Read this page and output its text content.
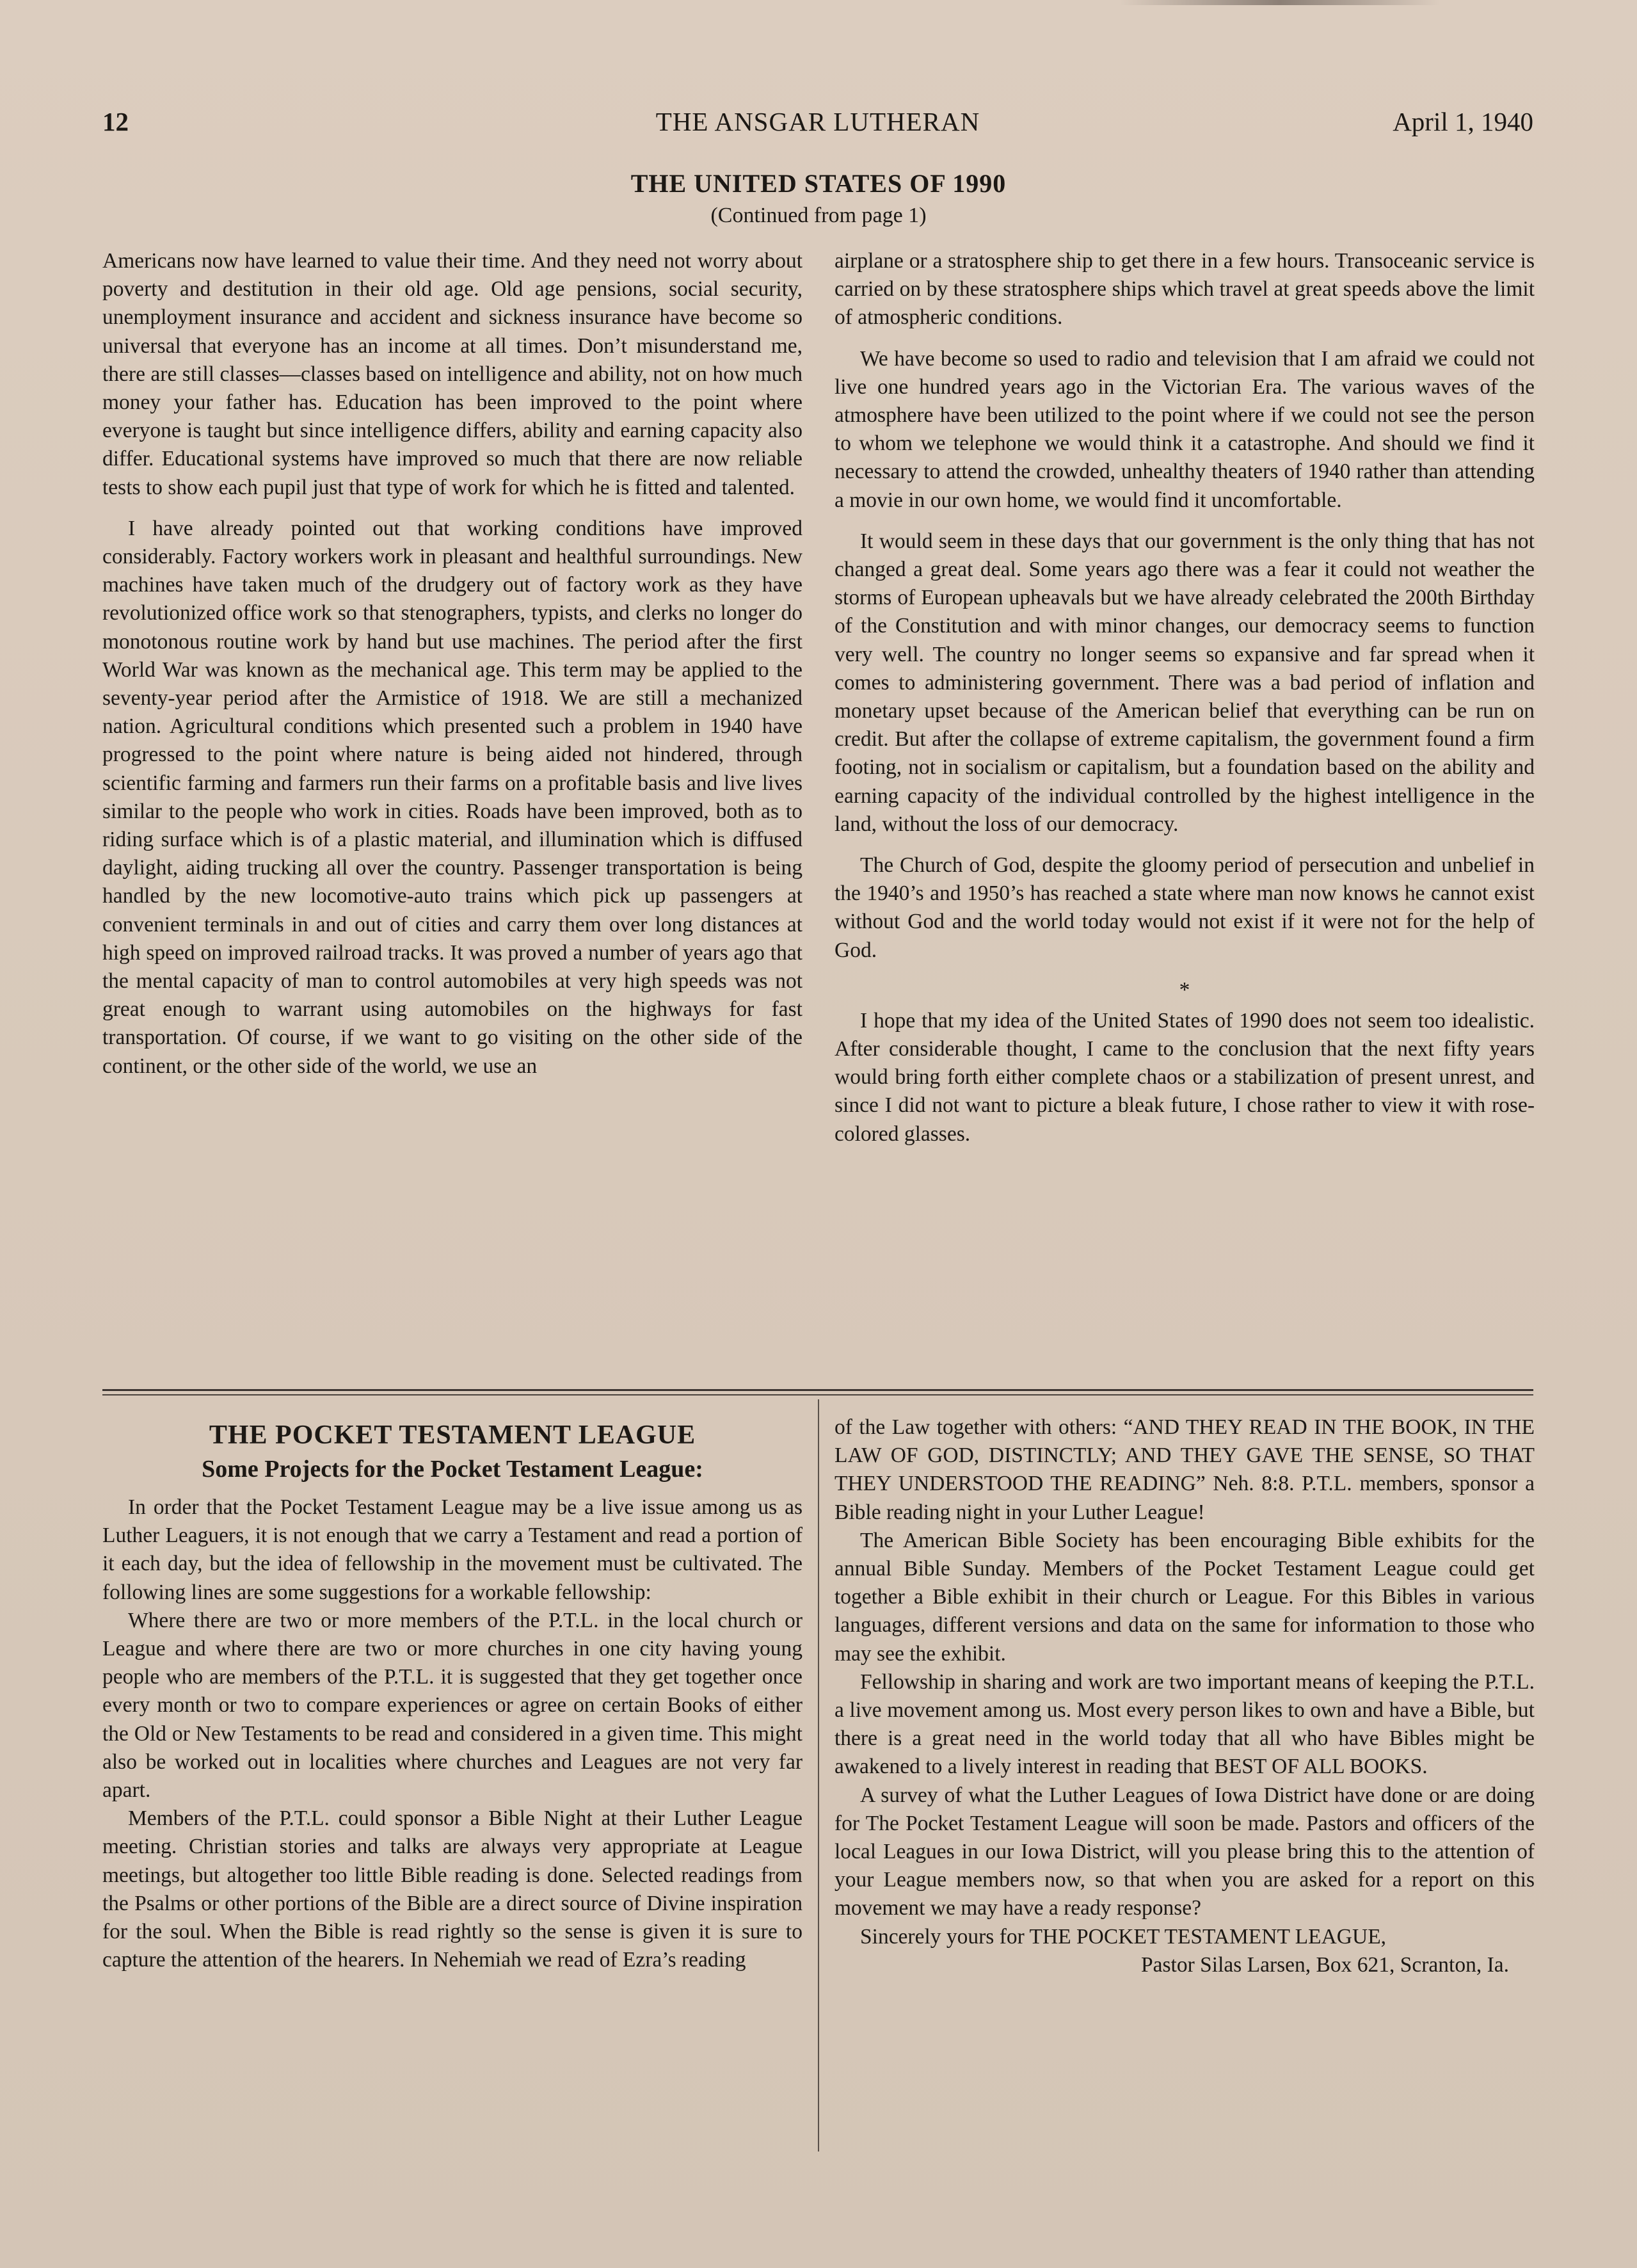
12	THE ANSGAR LUTHERAN	April 1, 1940
THE UNITED STATES OF 1990
(Continued from page 1)

Americans now have learned to value their time. And they need not worry about poverty and destitution in their old age. Old age pensions, social security, unemployment insurance and accident and sickness insurance have become so universal that everyone has an income at all times. Don’t misunderstand me, there are still classes—classes based on intelligence and ability, not on how much money your father has. Education has been improved to the point where everyone is taught but since intelligence differs, ability and earning capacity also differ. Educational systems have improved so much that there are now reliable tests to show each pupil just that type of work for which he is fitted and talented.

I have already pointed out that working conditions have improved considerably. Factory workers work in pleasant and healthful surroundings. New machines have taken much of the drudgery out of factory work as they have revolutionized office work so that stenographers, typists, and clerks no longer do monotonous routine work by hand but use machines. The period after the first World War was known as the mechanical age. This term may be applied to the seventy-year period after the Armistice of 1918. We are still a mechanized nation. Agricultural conditions which presented such a problem in 1940 have progressed to the point where nature is being aided not hindered, through scientific farming and farmers run their farms on a profitable basis and live lives similar to the people who work in cities. Roads have been improved, both as to riding surface which is of a plastic material, and illumination which is diffused daylight, aiding trucking all over the country. Passenger transportation is being handled by the new locomotive-auto trains which pick up passengers at convenient terminals in and out of cities and carry them over long distances at high speed on improved railroad tracks. It was proved a number of years ago that the mental capacity of man to control automobiles at very high speeds was not great enough to warrant using automobiles on the highways for fast transportation. Of course, if we want to go visiting on the other side of the continent, or the other side of the world, we use an

airplane or a stratosphere ship to get there in a few hours. Transoceanic service is carried on by these stratosphere ships which travel at great speeds above the limit of atmospheric conditions.

We have become so used to radio and television that I am afraid we could not live one hundred years ago in the Victorian Era. The various waves of the atmosphere have been utilized to the point where if we could not see the person to whom we telephone we would think it a catastrophe. And should we find it necessary to attend the crowded, unhealthy theaters of 1940 rather than attending a movie in our own home, we would find it uncomfortable.

It would seem in these days that our government is the only thing that has not changed a great deal. Some years ago there was a fear it could not weather the storms of European upheavals but we have already celebrated the 200th Birthday of the Constitution and with minor changes, our democracy seems to function very well. The country no longer seems so expansive and far spread when it comes to administering government. There was a bad period of inflation and monetary upset because of the American belief that everything can be run on credit. But after the collapse of extreme capitalism, the government found a firm footing, not in socialism or capitalism, but a foundation based on the ability and earning capacity of the individual controlled by the highest intelligence in the land, without the loss of our democracy.

The Church of God, despite the gloomy period of persecution and unbelief in the 1940’s and 1950’s has reached a state where man now knows he cannot exist without God and the world today would not exist if it were not for the help of God.

*

I hope that my idea of the United States of 1990 does not seem too idealistic. After considerable thought, I came to the conclusion that the next fifty years would bring forth either complete chaos or a stabilization of present unrest, and since I did not want to picture a bleak future, I chose rather to view it with rose-colored glasses.

THE POCKET TESTAMENT LEAGUE
Some Projects for the Pocket Testament League:

In order that the Pocket Testament League may be a live issue among us as Luther Leaguers, it is not enough that we carry a Testament and read a portion of it each day, but the idea of fellowship in the movement must be cultivated. The following lines are some suggestions for a workable fellowship:

Where there are two or more members of the P.T.L. in the local church or League and where there are two or more churches in one city having young people who are members of the P.T.L. it is suggested that they get together once every month or two to compare experiences or agree on certain Books of either the Old or New Testaments to be read and considered in a given time. This might also be worked out in localities where churches and Leagues are not very far apart.

Members of the P.T.L. could sponsor a Bible Night at their Luther League meeting. Christian stories and talks are always very appropriate at League meetings, but altogether too little Bible reading is done. Selected readings from the Psalms or other portions of the Bible are a direct source of Divine inspiration for the soul. When the Bible is read rightly so the sense is given it is sure to capture the attention of the hearers. In Nehemiah we read of Ezra’s reading

of the Law together with others: “AND THEY READ IN THE BOOK, IN THE LAW OF GOD, DISTINCTLY; AND THEY GAVE THE SENSE, SO THAT THEY UNDERSTOOD THE READING” Neh. 8:8. P.T.L. members, sponsor a Bible reading night in your Luther League!

The American Bible Society has been encouraging Bible exhibits for the annual Bible Sunday. Members of the Pocket Testament League could get together a Bible exhibit in their church or League. For this Bibles in various languages, different versions and data on the same for information to those who may see the exhibit.

Fellowship in sharing and work are two important means of keeping the P.T.L. a live movement among us. Most every person likes to own and have a Bible, but there is a great need in the world today that all who have Bibles might be awakened to a lively interest in reading that BEST OF ALL BOOKS.

A survey of what the Luther Leagues of Iowa District have done or are doing for The Pocket Testament League will soon be made. Pastors and officers of the local Leagues in our Iowa District, will you please bring this to the attention of your League members now, so that when you are asked for a report on this movement we may have a ready response?

Sincerely yours for THE POCKET TESTAMENT LEAGUE,

Pastor Silas Larsen, Box 621, Scranton, Ia.
